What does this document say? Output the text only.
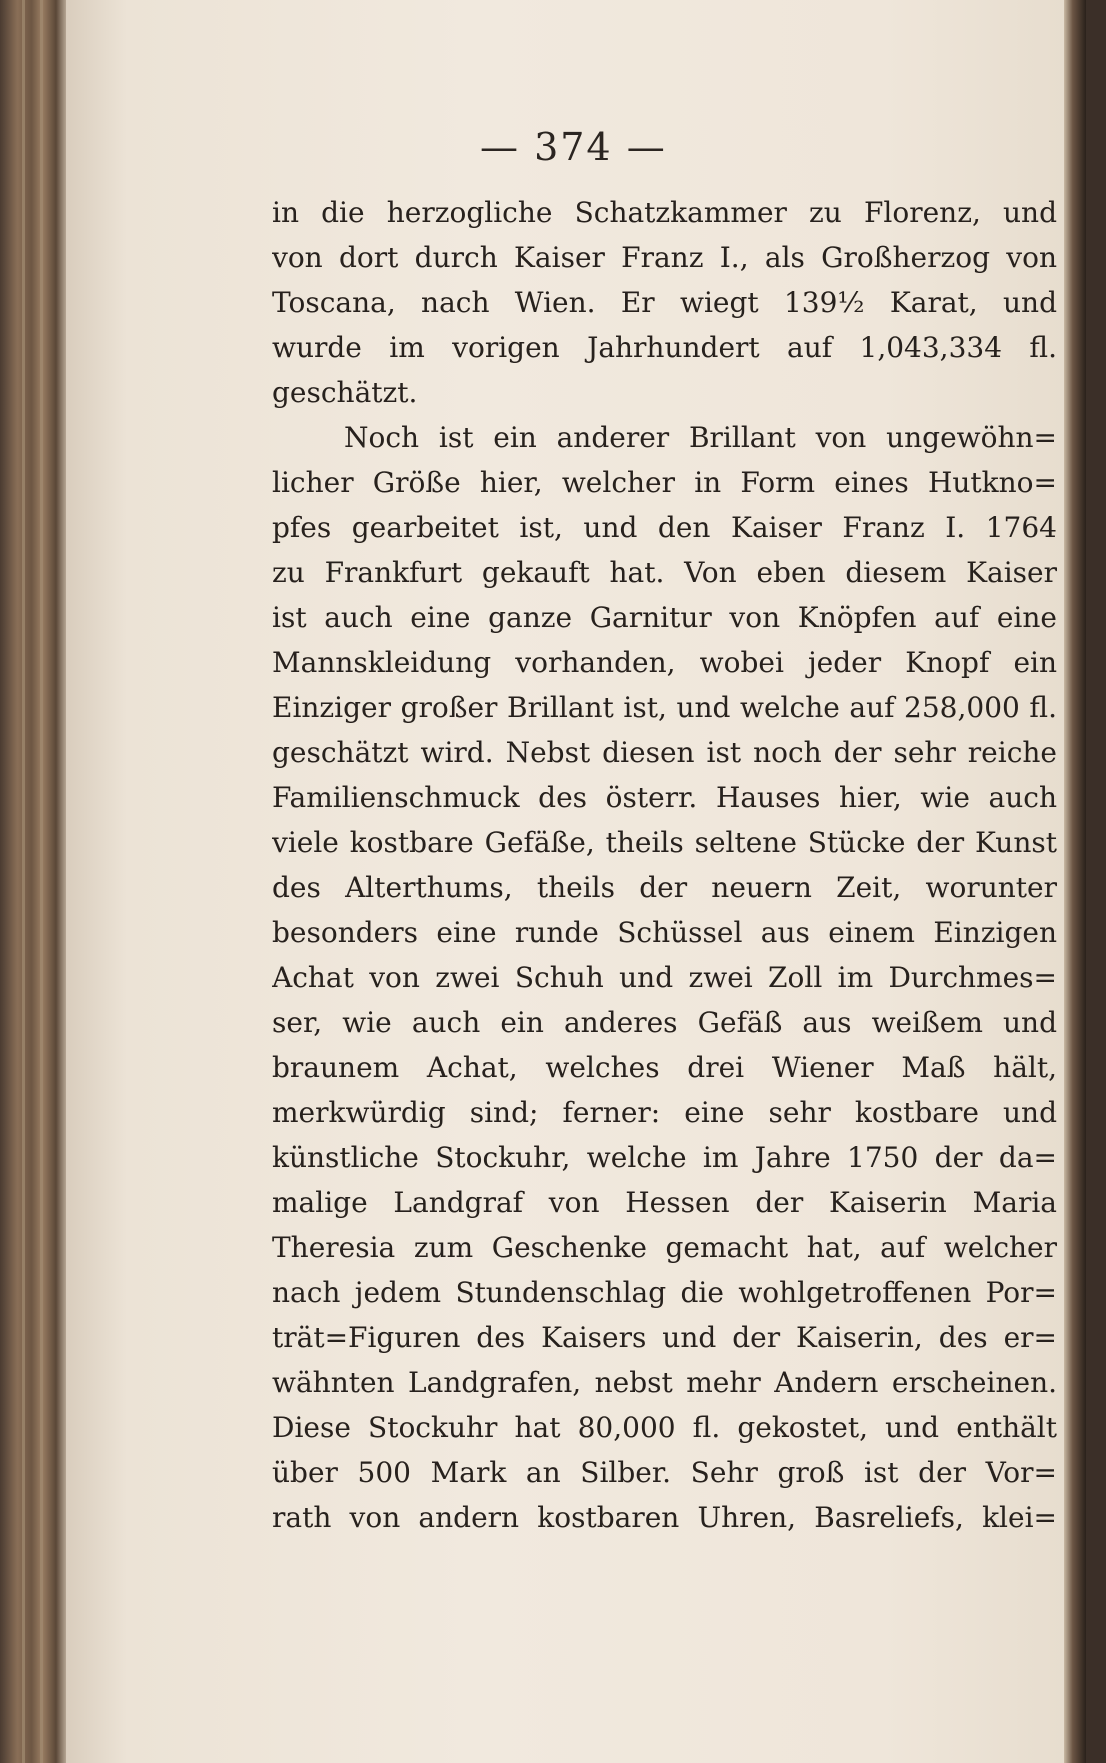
— 374 —
in die herzogliche Schatzkammer zu Florenz, und
von dort durch Kaiser Franz I., als Großherzog von
Toscana, nach Wien. Er wiegt 139½ Karat, und
wurde im vorigen Jahrhundert auf 1,043,334 fl.
geschätzt.
Noch ist ein anderer Brillant von ungewöhn=
licher Größe hier, welcher in Form eines Hutkno=
pfes gearbeitet ist, und den Kaiser Franz I. 1764
zu Frankfurt gekauft hat. Von eben diesem Kaiser
ist auch eine ganze Garnitur von Knöpfen auf eine
Mannskleidung vorhanden, wobei jeder Knopf ein
Einziger großer Brillant ist, und welche auf 258,000 fl.
geschätzt wird. Nebst diesen ist noch der sehr reiche
Familienschmuck des österr. Hauses hier, wie auch
viele kostbare Gefäße, theils seltene Stücke der Kunst
des Alterthums, theils der neuern Zeit, worunter
besonders eine runde Schüssel aus einem Einzigen
Achat von zwei Schuh und zwei Zoll im Durchmes=
ser, wie auch ein anderes Gefäß aus weißem und
braunem Achat, welches drei Wiener Maß hält,
merkwürdig sind; ferner: eine sehr kostbare und
künstliche Stockuhr, welche im Jahre 1750 der da=
malige Landgraf von Hessen der Kaiserin Maria
Theresia zum Geschenke gemacht hat, auf welcher
nach jedem Stundenschlag die wohlgetroffenen Por=
trät=Figuren des Kaisers und der Kaiserin, des er=
wähnten Landgrafen, nebst mehr Andern erscheinen.
Diese Stockuhr hat 80,000 fl. gekostet, und enthält
über 500 Mark an Silber. Sehr groß ist der Vor=
rath von andern kostbaren Uhren, Basreliefs, klei=
